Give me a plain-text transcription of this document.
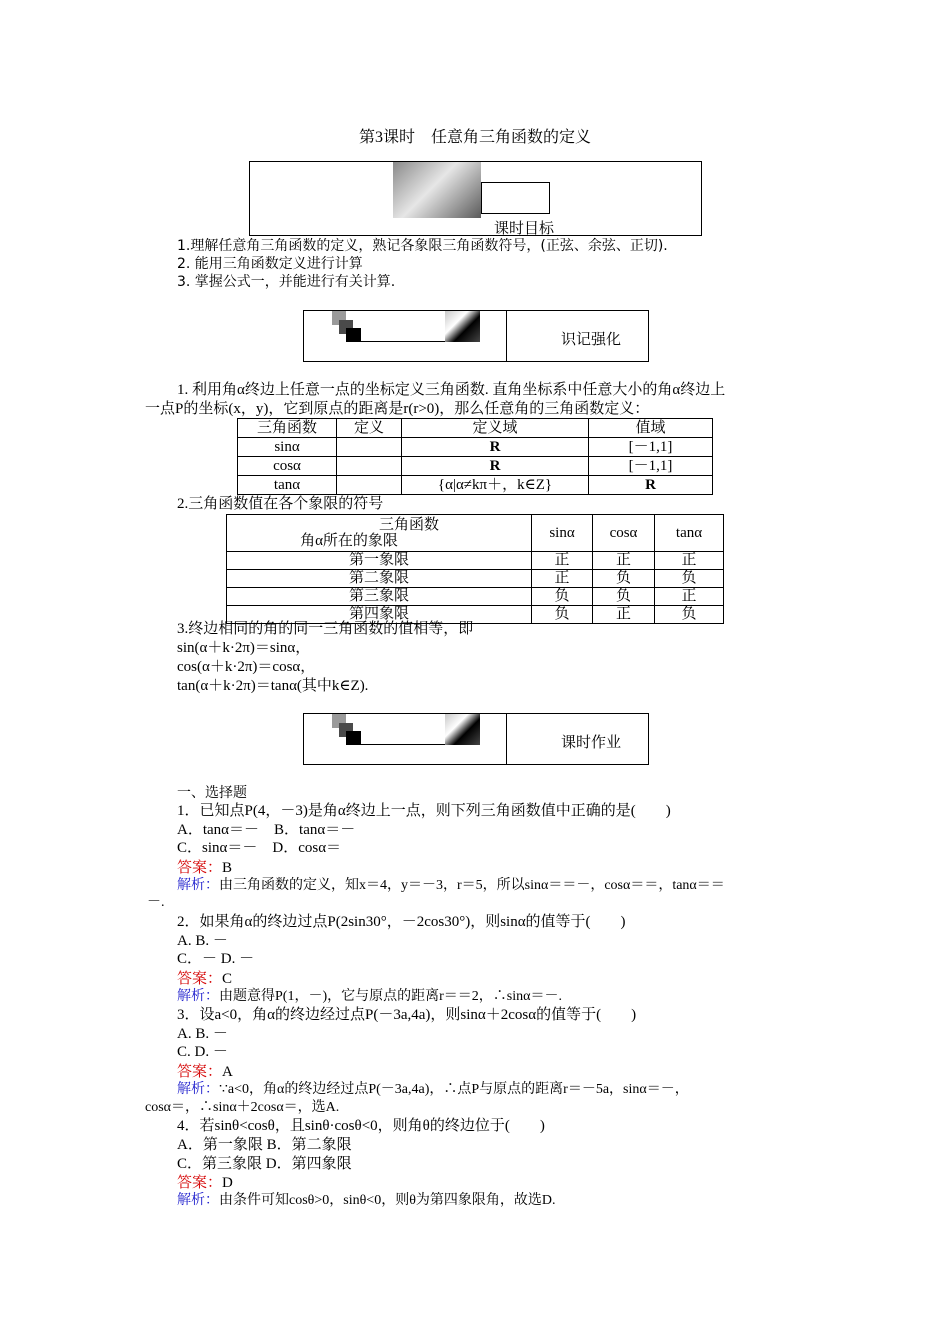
第3课时　任意角三角函数的定义
课时目标
1.理解任意角三角函数的定义，熟记各象限三角函数符号，(正弦、余弦、正切).
2. 能用三角函数定义进行计算
3. 掌握公式一，并能进行有关计算.
识记强化
1. 利用角α终边上任意一点的坐标定义三角函数. 直角坐标系中任意大小的角α终边上
一点P的坐标(x，y)，它到原点的距离是r(r>0)，那么任意角的三角函数定义：
三角函数	定义	定义域	值域
sinα		R	[－1,1]
cosα		R	[－1,1]
tanα		{α|α≠kπ＋，k∈Z}	R
2.三角函数值在各个象限的符号
三角函数
角α所在的象限	sinα	cosα	tanα
第一象限	正	正	正
第二象限	正	负	负
第三象限	负	负	正
第四象限	负	正	负
3.终边相同的角的同一三角函数的值相等，即
sin(α＋k·2π)＝sinα，
cos(α＋k·2π)＝cosα，
tan(α＋k·2π)＝tanα(其中k∈Z).
课时作业
一、选择题
1．已知点P(4，－3)是角α终边上一点，则下列三角函数值中正确的是(　　)
A．tanα＝－　B．tanα＝－
C．sinα＝－　D．cosα＝
答案：B
解析：由三角函数的定义，知x＝4，y＝－3，r＝5，所以sinα＝＝－，cosα＝＝，tanα＝＝
－.
2．如果角α的终边过点P(2sin30°，－2cos30°)，则sinα的值等于(　　)
A. B. －
C．－ D. －
答案：C
解析：由题意得P(1，－)，它与原点的距离r＝＝2，∴sinα＝－.
3．设a<0，角α的终边经过点P(－3a,4a)，则sinα＋2cosα的值等于(　　)
A. B. －
C. D. －
答案：A
解析：∵a<0，角α的终边经过点P(－3a,4a)，∴点P与原点的距离r＝－5a，sinα＝－，
cosα＝，∴sinα＋2cosα＝，选A.
4．若sinθ<cosθ，且sinθ·cosθ<0，则角θ的终边位于(　　)
A．第一象限 B．第二象限
C．第三象限 D．第四象限
答案：D
解析：由条件可知cosθ>0，sinθ<0，则θ为第四象限角，故选D.
